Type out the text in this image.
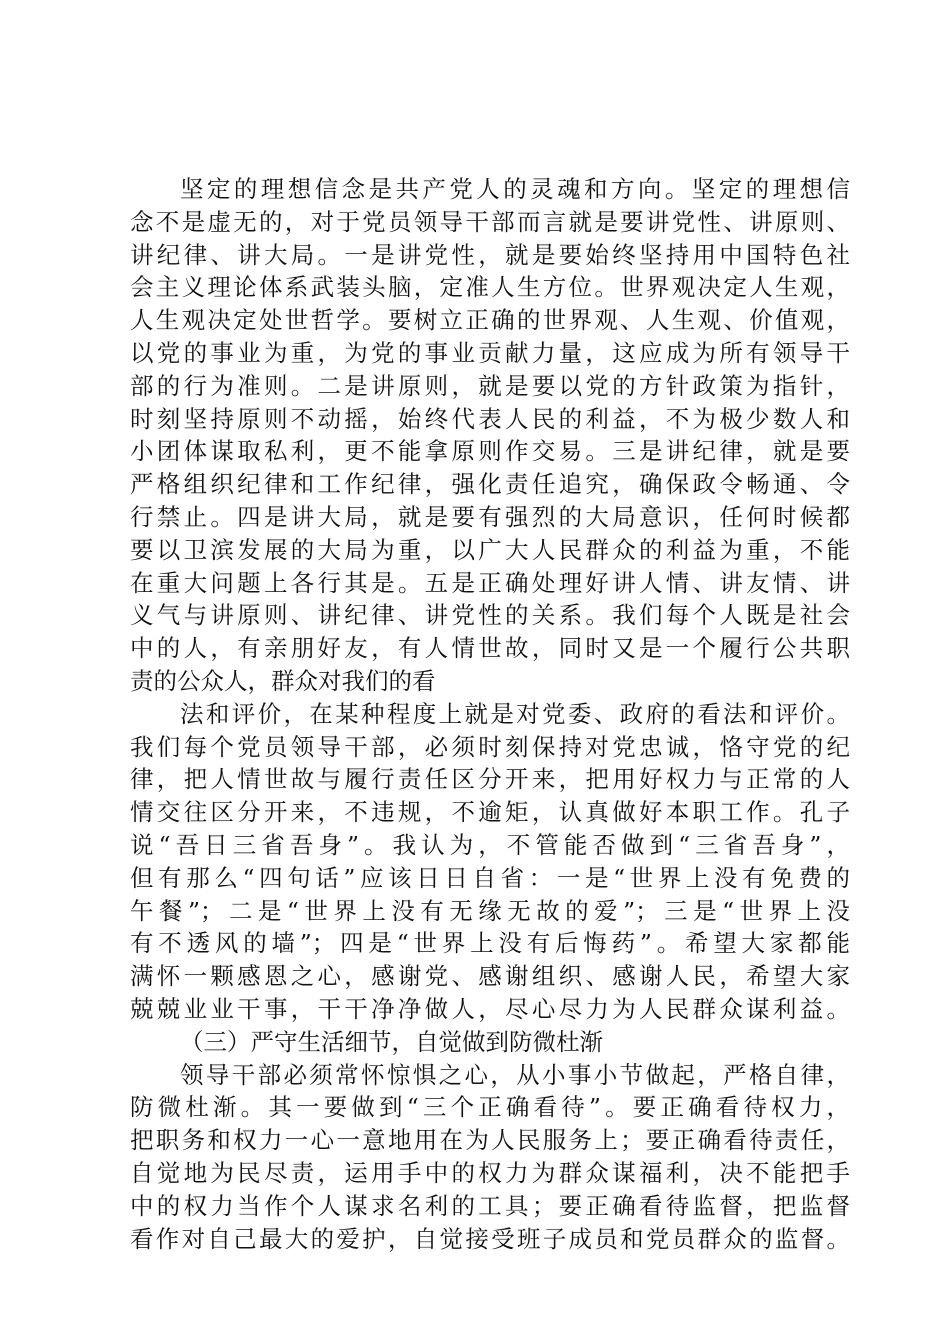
坚定的理想信念是共产党人的灵魂和方向。坚定的理想信
念不是虚无的，对于党员领导干部而言就是要讲党性、讲原则、
讲纪律、讲大局。一是讲党性，就是要始终坚持用中国特色社
会主义理论体系武装头脑，定准人生方位。世界观决定人生观，
人生观决定处世哲学。要树立正确的世界观、人生观、价值观，
以党的事业为重，为党的事业贡献力量，这应成为所有领导干
部的行为准则。二是讲原则，就是要以党的方针政策为指针，
时刻坚持原则不动摇，始终代表人民的利益，不为极少数人和
小团体谋取私利，更不能拿原则作交易。三是讲纪律，就是要
严格组织纪律和工作纪律，强化责任追究，确保政令畅通、令
行禁止。四是讲大局，就是要有强烈的大局意识，任何时候都
要以卫滨发展的大局为重，以广大人民群众的利益为重，不能
在重大问题上各行其是。五是正确处理好讲人情、讲友情、讲
义气与讲原则、讲纪律、讲党性的关系。我们每个人既是社会
中的人，有亲朋好友，有人情世故，同时又是一个履行公共职
责的公众人，群众对我们的看
法和评价，在某种程度上就是对党委、政府的看法和评价。
我们每个党员领导干部，必须时刻保持对党忠诚，恪守党的纪
律，把人情世故与履行责任区分开来，把用好权力与正常的人
情交往区分开来，不违规，不逾矩，认真做好本职工作。孔子
说“吾日三省吾身”。我认为，不管能否做到“三省吾身”，
但有那么“四句话”应该日日自省：一是“世界上没有免费的
午餐”；二是“世界上没有无缘无故的爱”；三是“世界上没
有不透风的墙”；四是“世界上没有后悔药”。希望大家都能
满怀一颗感恩之心，感谢党、感谢组织、感谢人民，希望大家
兢兢业业干事，干干净净做人，尽心尽力为人民群众谋利益。
（三）严守生活细节，自觉做到防微杜渐
领导干部必须常怀惊惧之心，从小事小节做起，严格自律，
防微杜渐。其一要做到“三个正确看待”。要正确看待权力，
把职务和权力一心一意地用在为人民服务上；要正确看待责任，
自觉地为民尽责，运用手中的权力为群众谋福利，决不能把手
中的权力当作个人谋求名利的工具；要正确看待监督，把监督
看作对自己最大的爱护，自觉接受班子成员和党员群众的监督。
